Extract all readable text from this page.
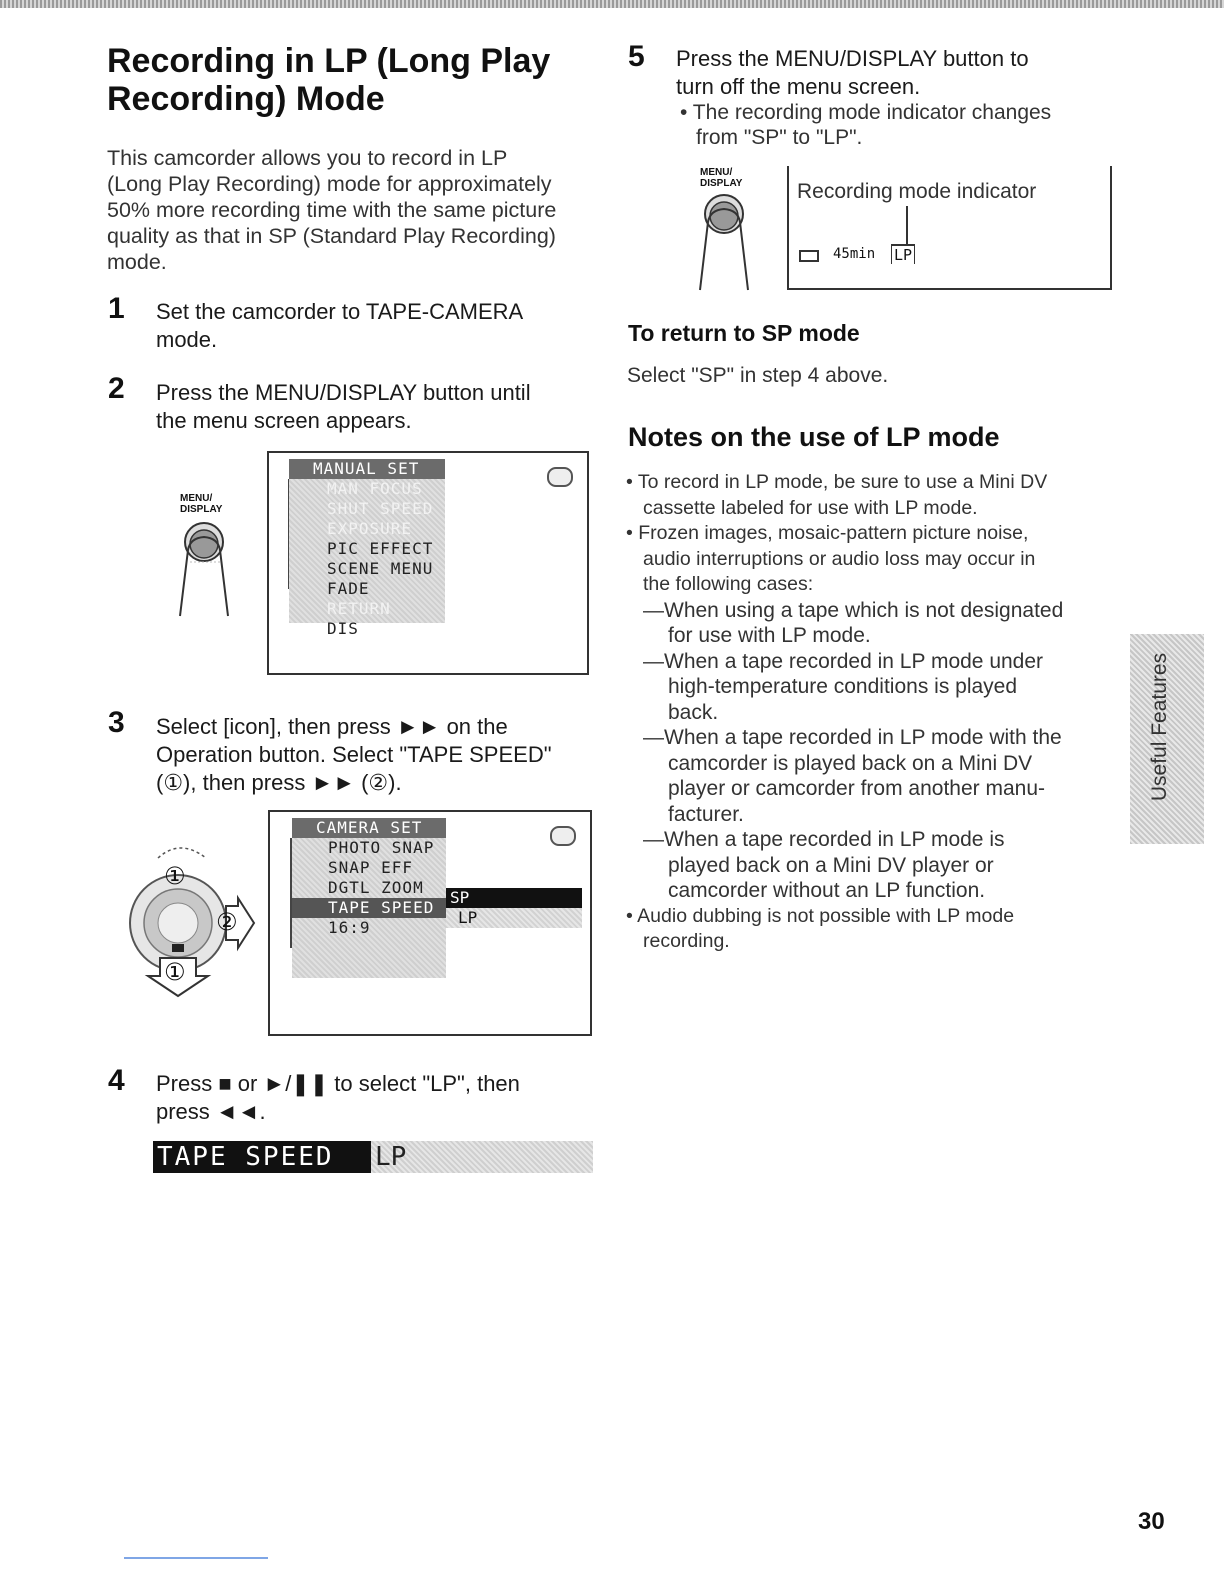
Recording in LP (Long Play
Recording) Mode
This camcorder allows you to record in LP
(Long Play Recording) mode for approximately
50% more recording time with the same picture
quality as that in SP (Standard Play Recording)
mode.
1 Set the camcorder to TAPE-CAMERA
mode.
2 Press the MENU/DISPLAY button until
the menu screen appears.
MENU/
DISPLAY
MANUAL SET
MAN FOCUS
SHUT SPEED
EXPOSURE
PIC EFFECT
SCENE MENU
FADE
RETURN
DIS
3 Select [icon], then press ►► on the
Operation button. Select "TAPE SPEED"
(①), then press ►► (②).
①
②
①
CAMERA SET
PHOTO SNAP
SNAP EFF
DGTL ZOOM
TAPE SPEED
16:9
SP
LP
4 Press ■ or ►/❚❚ to select "LP", then
press ◄◄.
TAPE SPEED	LP
5 Press the MENU/DISPLAY button to
turn off the menu screen.
• The recording mode indicator changes
from "SP" to "LP".
MENU/
DISPLAY	Recording mode indicator
45min LP
To return to SP mode
Select "SP" in step 4 above.
Notes on the use of LP mode
• To record in LP mode, be sure to use a Mini DV
cassette labeled for use with LP mode.
• Frozen images, mosaic-pattern picture noise,
audio interruptions or audio loss may occur in
the following cases:
—When using a tape which is not designated
for use with LP mode.
—When a tape recorded in LP mode under
high-temperature conditions is played
back.
—When a tape recorded in LP mode with the
camcorder is played back on a Mini DV
player or camcorder from another manu-
facturer.
—When a tape recorded in LP mode is
played back on a Mini DV player or
camcorder without an LP function.
• Audio dubbing is not possible with LP mode
recording.
Useful Features
30
